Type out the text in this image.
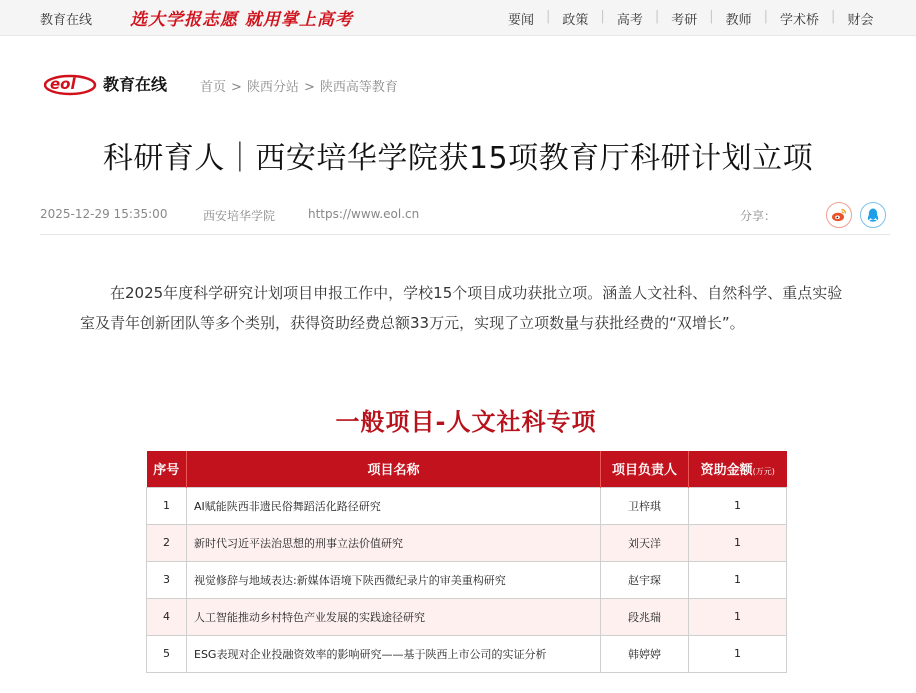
教育在线 选大学报志愿 就用掌上高考	要闻 | 政策 | 高考 | 考研 | 教师 | 学术桥 | 财会
eol 教育在线	首页 > 陕西分站 > 陕西高等教育
科研育人｜西安培华学院获15项教育厅科研计划立项
2025-12-29 15:35:00	西安培华学院	https://www.eol.cn	分享：

在2025年度科学研究计划项目申报工作中，学校15个项目成功获批立项。涵盖人文社科、自然科学、重点实验室及青年创新团队等多个类别，获得资助经费总额33万元，实现了立项数量与获批经费的“双增长”。

一般项目-人文社科专项
序号	项目名称	项目负责人	资助金额(万元)
1	AI赋能陕西非遗民俗舞蹈活化路径研究	卫梓琪	1
2	新时代习近平法治思想的刑事立法价值研究	刘天洋	1
3	视觉修辞与地域表达:新媒体语境下陕西微纪录片的审美重构研究	赵宇琛	1
4	人工智能推动乡村特色产业发展的实践途径研究	段兆瑞	1
5	ESG表现对企业投融资效率的影响研究——基于陕西上市公司的实证分析	韩婷婷	1
